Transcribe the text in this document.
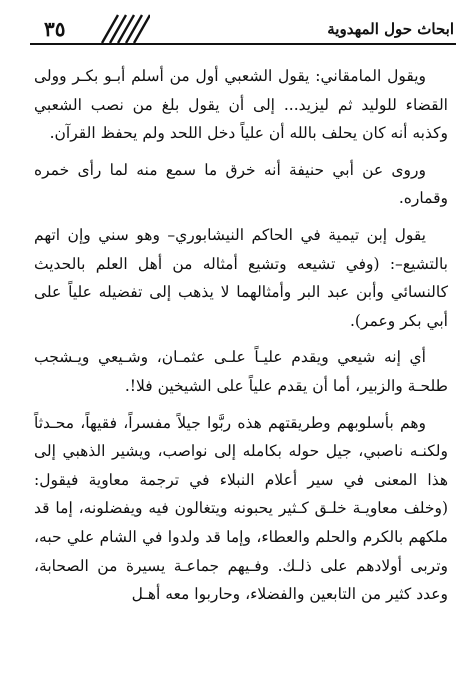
٣٥	ابحاث حول المهدوية

ويقول المامقاني: يقول الشعبي أول من أسلم أبـو بكـر وولى القضاء للوليد ثم ليزيد... إلى أن يقول بلغ من نصب الشعبي وكذبه أنه كان يحلف بالله أن علياً دخل اللحد ولم يحفظ القرآن.

وروى عن أبي حنيفة أنه خرق ما سمع منه لما رأى خمره وقماره.

يقول إبن تيمية في الحاكم النيشابوري– وهو سني وإن اتهم بالتشيع–: (وفي تشيعه وتشيع أمثاله من أهل العلم بالحديث كالنسائي وأبن عبد البر وأمثالهما لا يذهب إلى تفضيله علياً على أبي بكر وعمر).

أي إنه شيعي ويقدم عليـاً علـى عثمـان، وشـيعي ويـشجب طلحـة والزبير، أما أن يقدم علياً على الشيخين فلا!.

وهم بأسلوبهم وطريقتهم هذه ربَّوا جيلاً مفسراً، فقيهاً، محـدثاً ولكنـه ناصبي، جيل حوله بكامله إلى نواصب، ويشير الذهبي إلى هذا المعنى في سير أعلام النبلاء في ترجمة معاوية فيقول: (وخلف معاويـة خلـق كـثير يحبونه ويتغالون فيه ويفضلونه، إما قد ملكهم بالكرم والحلم والعطاء، وإما قد ولدوا في الشام علي حبه، وتربى أولادهم على ذلـك. وفـيهم جماعـة يسيرة من الصحابة، وعدد كثير من التابعين والفضلاء، وحاربوا معه أهـل
